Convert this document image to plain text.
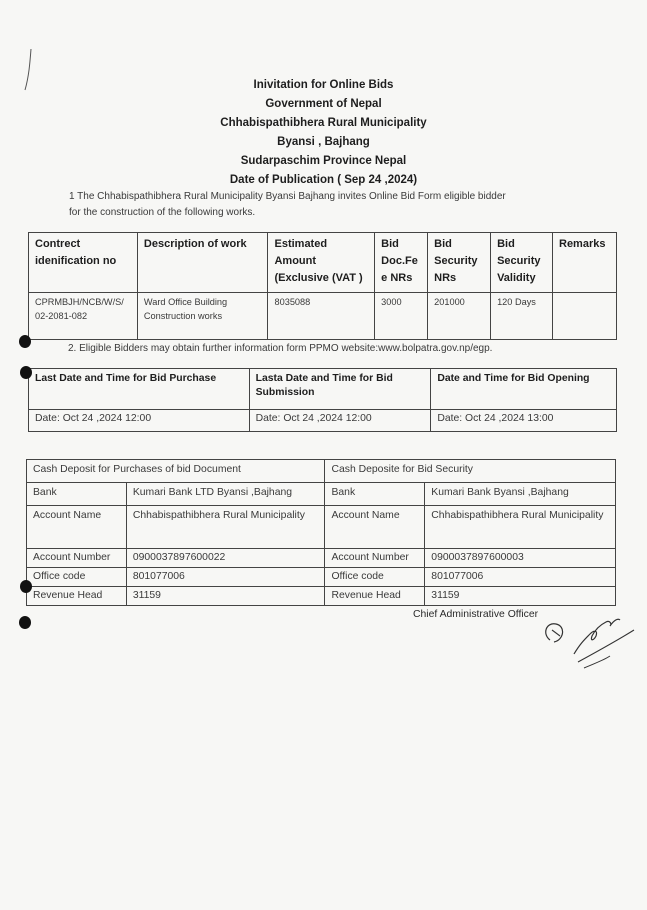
Inivitation for Online Bids
Government of Nepal
Chhabispathibhera Rural Municipality
Byansi , Bajhang
Sudarpaschim Province Nepal
Date of Publication ( Sep 24 ,2024)
1 The Chhabispathibhera Rural Municipality Byansi Bajhang invites Online Bid Form eligible bidder
for the construction of the following works.
Contrect idenification no	Description of work	Estimated Amount (Exclusive (VAT )	Bid Doc.Fe e NRs	Bid Security NRs	Bid Security Validity	Remarks
CPRMBJH/NCB/W/S/ 02-2081-082	Ward Office Building Construction works	8035088	3000	201000	120 Days	
2. Eligible Bidders may obtain further information form PPMO website:www.bolpatra.gov.np/egp.
Last Date and Time for Bid Purchase	Lasta Date and Time for Bid Submission	Date and Time for Bid Opening
Date: Oct 24 ,2024 12:00	Date: Oct 24 ,2024 12:00	Date: Oct 24 ,2024 13:00
Cash Deposit for Purchases of bid Document		Cash Deposite for Bid Security	
Bank	Kumari Bank LTD Byansi ,Bajhang	Bank	Kumari Bank Byansi ,Bajhang
Account Name	Chhabispathibhera Rural Municipality	Account Name	Chhabispathibhera Rural Municipality
Account Number	0900037897600022	Account Number	0900037897600003
Office code	801077006	Office code	801077006
Revenue Head	31159	Revenue Head	31159
Chief Administrative Officer
